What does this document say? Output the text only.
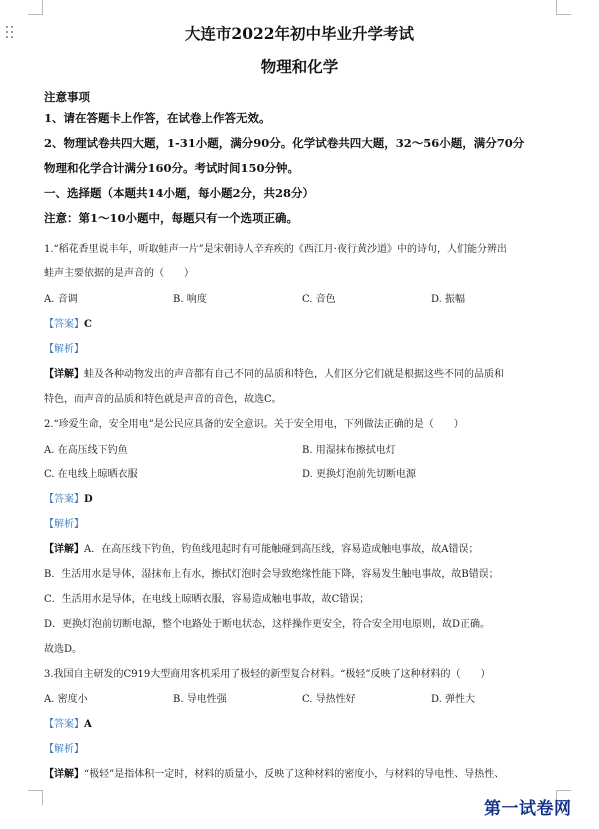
大连市2022年初中毕业升学考试
物理和化学
注意事项
1、请在答题卡上作答，在试卷上作答无效。
2、物理试卷共四大题，1-31小题，满分90分。化学试卷共四大题，32～56小题，满分70分
物理和化学合计满分160分。考试时间150分钟。
一、选择题（本题共14小题，每小题2分，共28分）
注意：第1～10小题中，每题只有一个选项正确。
1.“稻花香里说丰年，听取蛙声一片”是宋朝诗人辛弃疾的《西江月·夜行黄沙道》中的诗句，人们能分辨出
蛙声主要依据的是声音的（　　）
A. 音调	B. 响度	C. 音色	D. 振幅
【答案】C
【解析】
【详解】蛙及各种动物发出的声音都有自己不同的品质和特色，人们区分它们就是根据这些不同的品质和
特色，而声音的品质和特色就是声音的音色，故选C。
2.“珍爱生命，安全用电”是公民应具备的安全意识。关于安全用电，下列做法正确的是（　　）
A. 在高压线下钓鱼	B. 用湿抹布擦拭电灯
C. 在电线上晾晒衣服	D. 更换灯泡前先切断电源
【答案】D
【解析】
【详解】A．在高压线下钓鱼，钓鱼线甩起时有可能触碰到高压线，容易造成触电事故，故A错误；
B．生活用水是导体，湿抹布上有水，擦拭灯泡时会导致绝缘性能下降，容易发生触电事故，故B错误；
C．生活用水是导体，在电线上晾晒衣服，容易造成触电事故，故C错误；
D．更换灯泡前切断电源，整个电路处于断电状态，这样操作更安全，符合安全用电原则，故D正确。
故选D。
3.我国自主研发的C919大型商用客机采用了极轻的新型复合材料。“极轻”反映了这种材料的（　　）
A. 密度小	B. 导电性强	C. 导热性好	D. 弹性大
【答案】A
【解析】
【详解】“极轻”是指体积一定时，材料的质量小，反映了这种材料的密度小，与材料的导电性、导热性、
第一试卷网
